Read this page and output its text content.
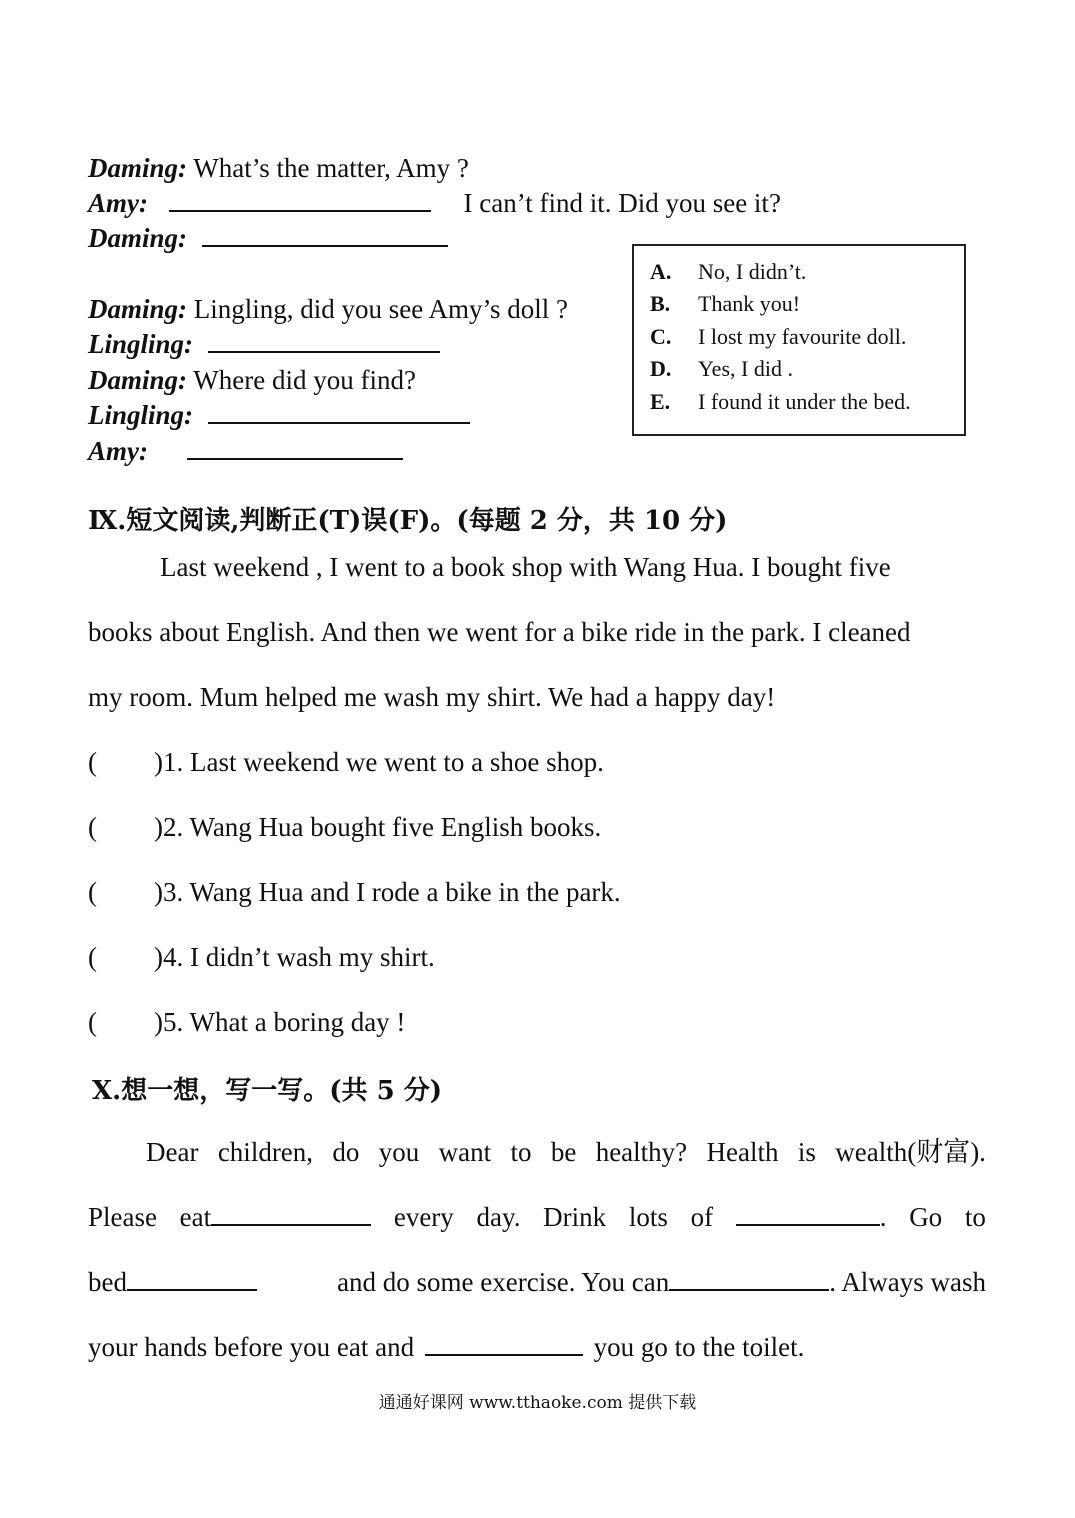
Daming: What’s the matter, Amy ?
Amy:	I can’t find it. Did you see it?
Daming:
Daming: Lingling, did you see Amy’s doll ?
Lingling:
Daming: Where did you find?
Lingling:
Amy:
A. No, I didn’t.
B. Thank you!
C. I lost my favourite doll.
D. Yes, I did .
E. I found it under the bed.
Ⅸ.短文阅读,判断正(T)误(F)。(每题 2 分，共 10 分)
Last weekend , I went to a book shop with Wang Hua. I bought five
books about English. And then we went for a bike ride in the park. I cleaned
my room. Mum helped me wash my shirt. We had a happy day!
( )1. Last weekend we went to a shoe shop.
( )2. Wang Hua bought five English books.
( )3. Wang Hua and I rode a bike in the park.
( )4. I didn’t wash my shirt.
( )5. What a boring day !
Ⅹ.想一想，写一写。(共 5 分)
Dear children, do you want to be healthy? Health is wealth(财富).
Please eat	every day. Drink lots of	. Go to
bed	and do some exercise. You can	. Always wash
your hands before you eat and	you go to the toilet.
通通好课网 www.tthaoke.com 提供下载
